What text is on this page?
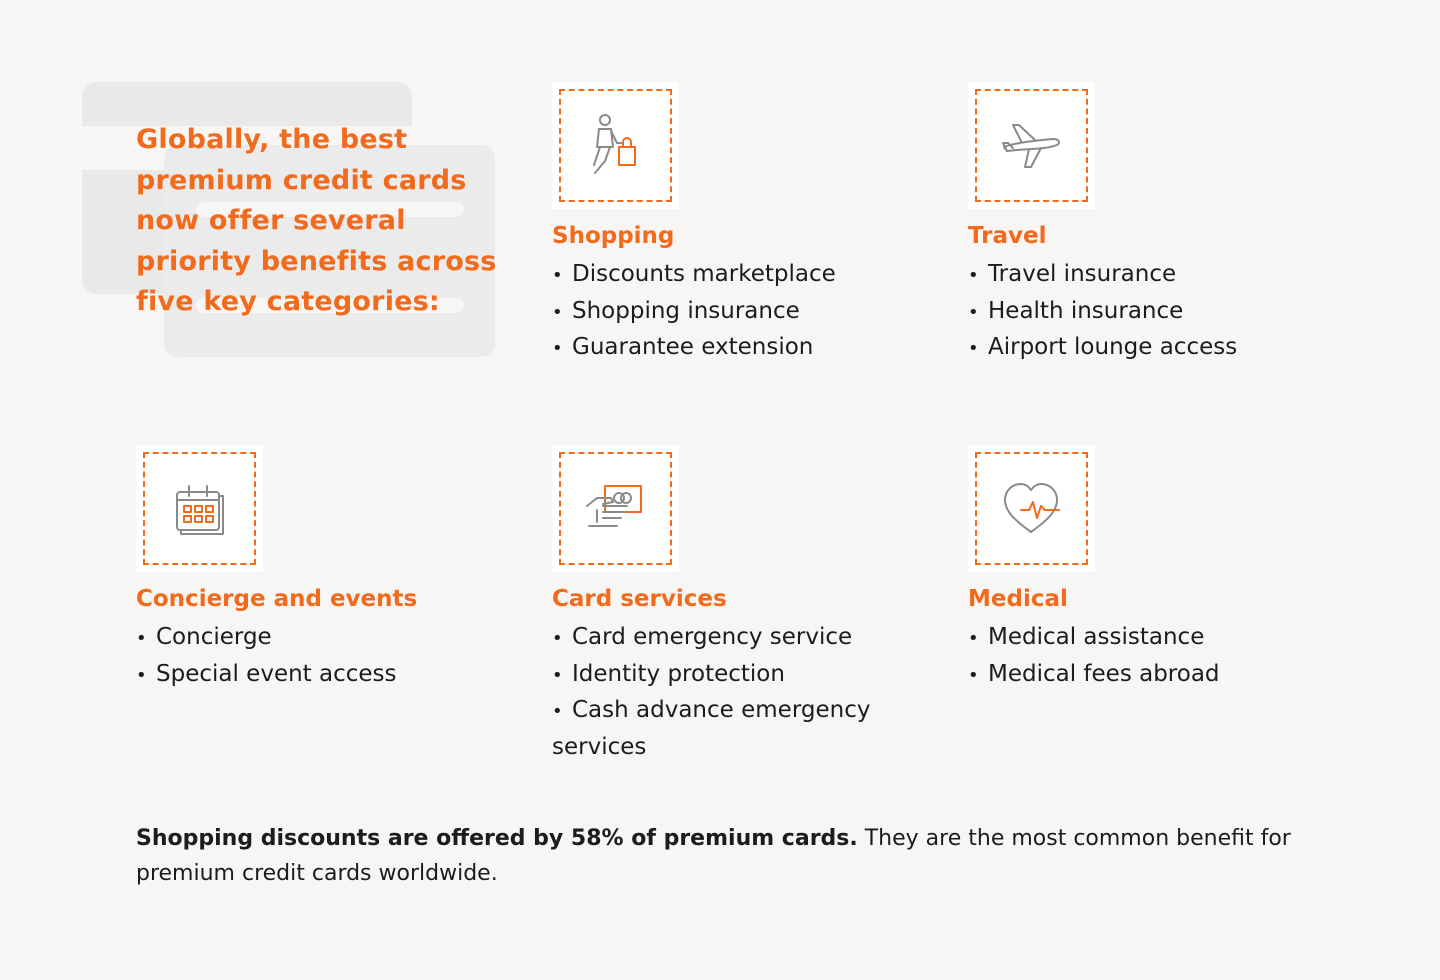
Globally, the best premium credit cards now offer several priority benefits across five key categories:

Shopping
• Discounts marketplace
• Shopping insurance
• Guarantee extension
Travel
• Travel insurance
• Health insurance
• Airport lounge access
Concierge and events
• Concierge
• Special event access
Card services
• Card emergency service
• Identity protection
• Cash advance emergency services
Medical
• Medical assistance
• Medical fees abroad

Shopping discounts are offered by 58% of premium cards. They are the most common benefit for premium credit cards worldwide.
